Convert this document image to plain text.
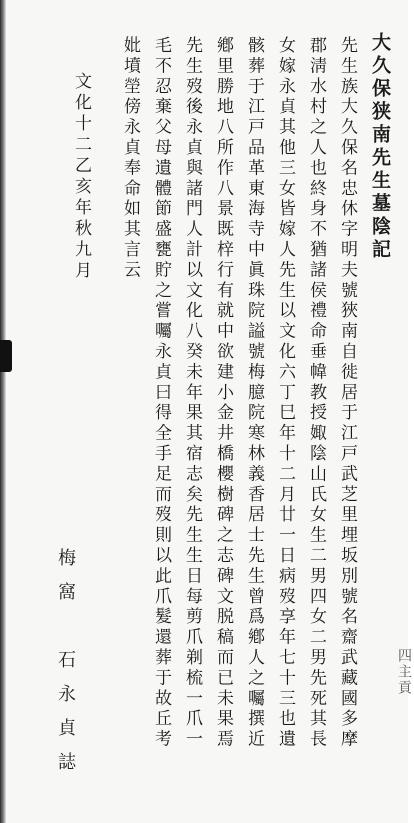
大久保狭南先生墓陰記
先生族大久保名忠休字明夫號狹南自徙居于江戸武芝里埋坂別號名齋武藏國多摩
郡淸水村之人也終身不猶諸侯禮命垂幃教授娵陰山氏女生二男四女二男先死其長
女嫁永貞其他三女皆嫁人先生以文化六丁巳年十二月廿一日病歿享年七十三也遺
骸葬于江戸品革東海寺中眞珠院謚號梅臆院寒林義香居士先生曾爲鄕人之囑撰近
鄕里勝地八所作八景既梓行有就中欲建小金井橋櫻樹碑之志碑文脱稿而已未果焉
先生歿後永貞與諸門人計以文化八癸未年果其宿志矣先生生日每剪爪剃梳一爪一
毛不忍棄父母遺體節盛甕貯之嘗囑永貞曰得全手足而歿則以此爪髮還葬于故丘考
妣墳塋傍永貞奉命如其言云
文化十二乙亥年秋九月
梅窩石永貞誌
四主貢
